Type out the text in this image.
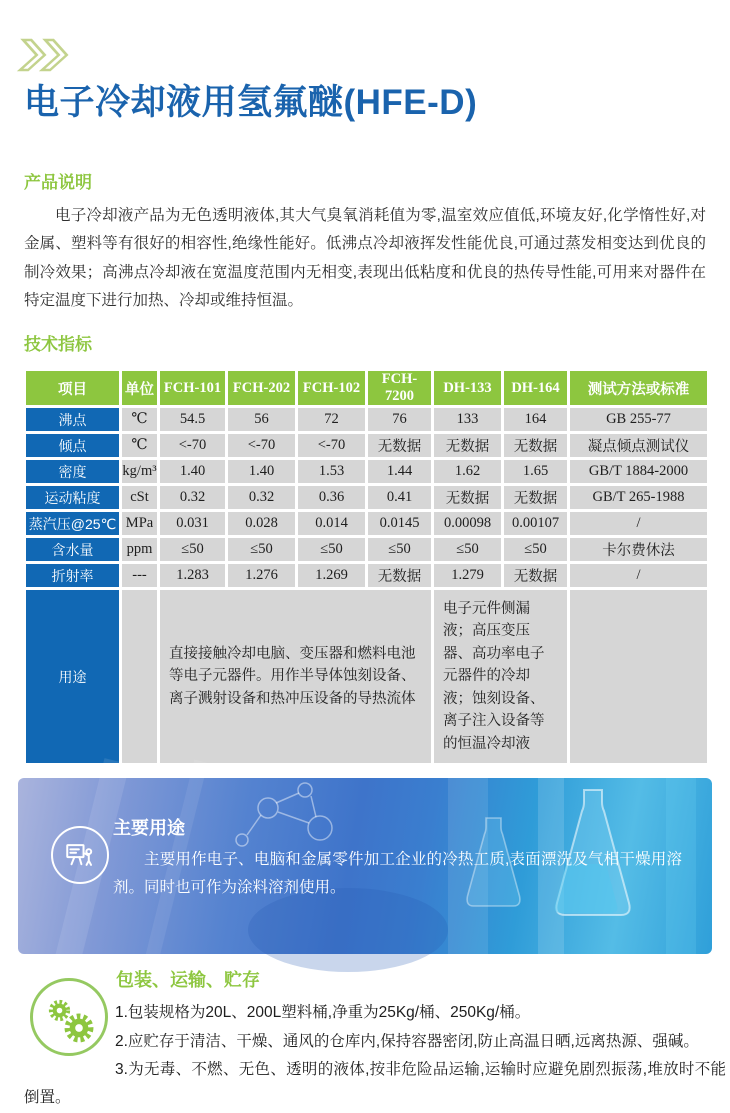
电子冷却液用氢氟醚(HFE-D)
产品说明

电子冷却液产品为无色透明液体,其大气臭氧消耗值为零,温室效应值低,环境友好,化学惰性好,对金属、塑料等有很好的相容性,绝缘性能好。低沸点冷却液挥发性能优良,可通过蒸发相变达到优良的制冷效果；高沸点冷却液在宽温度范围内无相变,表现出低粘度和优良的热传导性能,可用来对器件在特定温度下进行加热、冷却或维持恒温。

技术指标
项目	单位	FCH-101	FCH-202	FCH-102	FCH-7200	DH-133	DH-164	测试方法或标准
沸点	℃	54.5	56	72	76	133	164	GB 255-77
倾点	℃	<-70	<-70	<-70	无数据	无数据	无数据	凝点倾点测试仪
密度	kg/m³	1.40	1.40	1.53	1.44	1.62	1.65	GB/T 1884-2000
运动粘度	cSt	0.32	0.32	0.36	0.41	无数据	无数据	GB/T 265-1988
蒸汽压@25℃	MPa	0.031	0.028	0.014	0.0145	0.00098	0.00107	/
含水量	ppm	≤50	≤50	≤50	≤50	≤50	≤50	卡尔费休法
折射率	---	1.283	1.276	1.269	无数据	1.279	无数据	/
用途		直接接触冷却电脑、变压器和燃料电池等电子元器件。用作半导体蚀刻设备、离子溅射设备和热冲压设备的导热流体				电子元件侧漏液；高压变压器、高功率电子元器件的冷却液；蚀刻设备、离子注入设备等的恒温冷却液		
主要用途

主要用作电子、电脑和金属零件加工企业的冷热工质,表面漂洗及气相干燥用溶剂。同时也可作为涂料溶剂使用。

包装、运输、贮存

1.包装规格为20L、200L塑料桶,净重为25Kg/桶、250Kg/桶。

2.应贮存于清洁、干燥、通风的仓库内,保持容器密闭,防止高温日晒,远离热源、强碱。

3.为无毒、不燃、无色、透明的液体,按非危险品运输,运输时应避免剧烈振荡,堆放时不能倒置。
